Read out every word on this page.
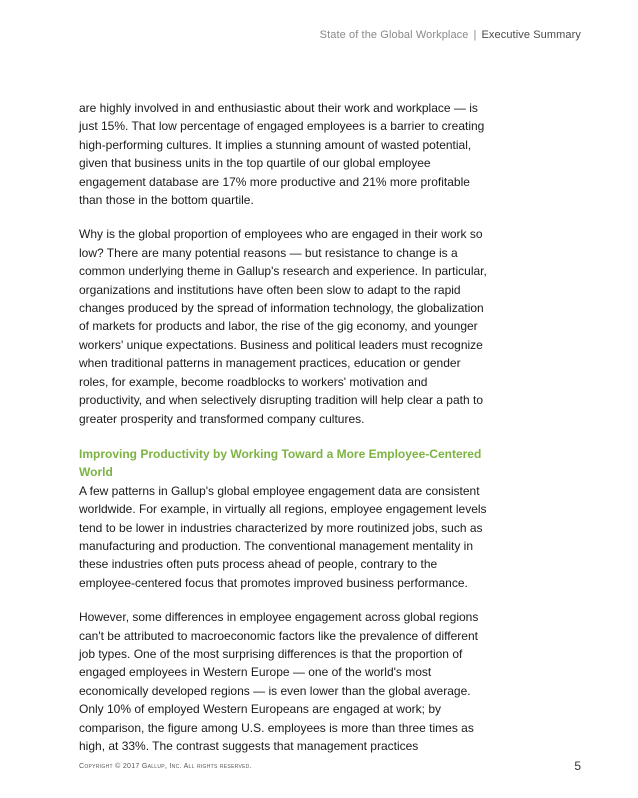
State of the Global Workplace | Executive Summary

are highly involved in and enthusiastic about their work and workplace — is just 15%. That low percentage of engaged employees is a barrier to creating high-performing cultures. It implies a stunning amount of wasted potential, given that business units in the top quartile of our global employee engagement database are 17% more productive and 21% more profitable than those in the bottom quartile.

Why is the global proportion of employees who are engaged in their work so low? There are many potential reasons — but resistance to change is a common underlying theme in Gallup's research and experience. In particular, organizations and institutions have often been slow to adapt to the rapid changes produced by the spread of information technology, the globalization of markets for products and labor, the rise of the gig economy, and younger workers' unique expectations. Business and political leaders must recognize when traditional patterns in management practices, education or gender roles, for example, become roadblocks to workers' motivation and productivity, and when selectively disrupting tradition will help clear a path to greater prosperity and transformed company cultures.

Improving Productivity by Working Toward a More Employee-Centered World

A few patterns in Gallup's global employee engagement data are consistent worldwide. For example, in virtually all regions, employee engagement levels tend to be lower in industries characterized by more routinized jobs, such as manufacturing and production. The conventional management mentality in these industries often puts process ahead of people, contrary to the employee-centered focus that promotes improved business performance.

However, some differences in employee engagement across global regions can't be attributed to macroeconomic factors like the prevalence of different job types. One of the most surprising differences is that the proportion of engaged employees in Western Europe — one of the world's most economically developed regions — is even lower than the global average. Only 10% of employed Western Europeans are engaged at work; by comparison, the figure among U.S. employees is more than three times as high, at 33%. The contrast suggests that management practices

Copyright © 2017 Gallup, Inc. All rights reserved.	5
